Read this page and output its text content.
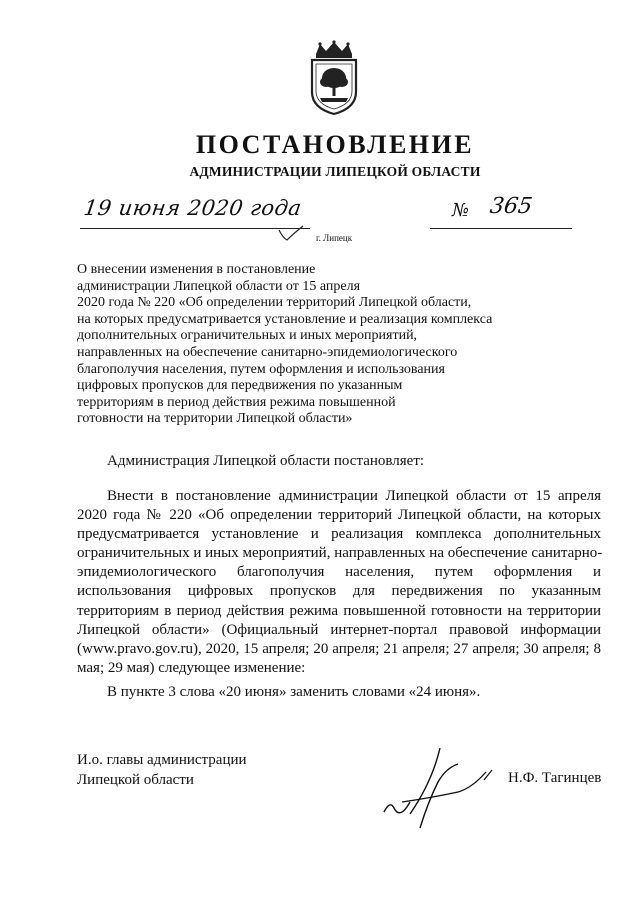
ПОСТАНОВЛЕНИЕ
АДМИНИСТРАЦИИ ЛИПЕЦКОЙ ОБЛАСТИ
19 июня 2020 года	№ 365
г. Липецк
О внесении изменения в постановление
администрации Липецкой области от 15 апреля
2020 года № 220 «Об определении территорий Липецкой области,
на которых предусматривается установление и реализация комплекса
дополнительных ограничительных и иных мероприятий,
направленных на обеспечение санитарно-эпидемиологического
благополучия населения, путем оформления и использования
цифровых пропусков для передвижения по указанным
территориям в период действия режима повышенной
готовности на территории Липецкой области»
Администрация Липецкой области постановляет:
Внести в постановление администрации Липецкой области от 15 апреля
2020 года № 220 «Об определении территорий Липецкой области, на которых
предусматривается установление и реализация комплекса дополнительных
ограничительных и иных мероприятий, направленных на обеспечение санитарно-
эпидемиологического благополучия населения, путем оформления и
использования цифровых пропусков для передвижения по указанным
территориям в период действия режима повышенной готовности на территории
Липецкой области» (Официальный интернет-портал правовой информации
(www.pravo.gov.ru), 2020, 15 апреля; 20 апреля; 21 апреля; 27 апреля; 30 апреля; 8
мая; 29 мая) следующее изменение:
В пункте 3 слова «20 июня» заменить словами «24 июня».
И.о. главы администрации
Липецкой области	Н.Ф. Тагинцев
